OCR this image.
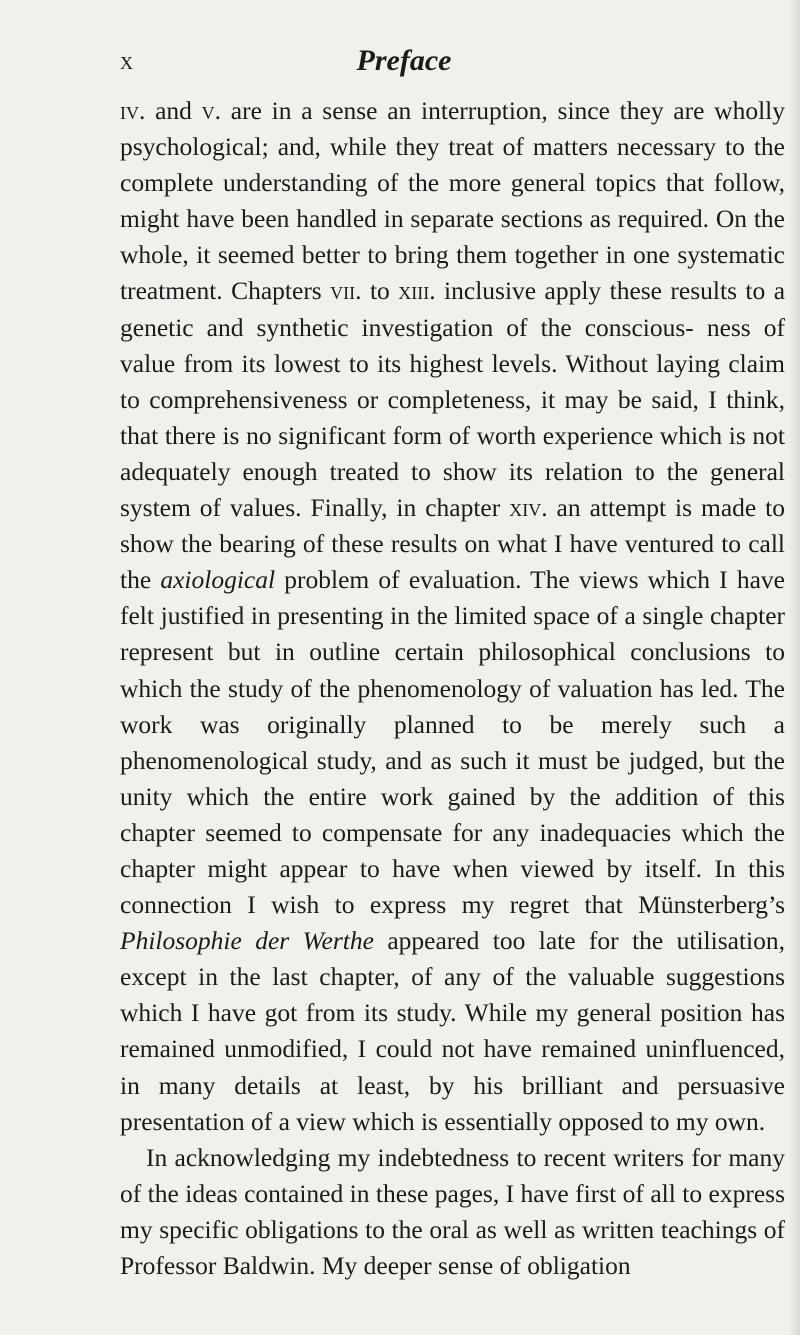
x	Preface

iv. and v. are in a sense an interruption, since they are wholly psychological; and, while they treat of matters necessary to the complete understanding of the more general topics that follow, might have been handled in separate sections as required. On the whole, it seemed better to bring them together in one systematic treatment. Chapters vii. to xiii. inclusive apply these results to a genetic and synthetic investigation of the conscious- ness of value from its lowest to its highest levels. Without laying claim to comprehensiveness or completeness, it may be said, I think, that there is no significant form of worth experience which is not adequately enough treated to show its relation to the general system of values. Finally, in chapter xiv. an attempt is made to show the bearing of these results on what I have ventured to call the axiological problem of evaluation. The views which I have felt justified in presenting in the limited space of a single chapter represent but in outline certain philosophical conclusions to which the study of the phenomenology of valuation has led. The work was originally planned to be merely such a phenomenological study, and as such it must be judged, but the unity which the entire work gained by the addition of this chapter seemed to compensate for any inadequacies which the chapter might appear to have when viewed by itself. In this connection I wish to express my regret that Münsterberg’s Philosophie der Werthe appeared too late for the utilisation, except in the last chapter, of any of the valuable suggestions which I have got from its study. While my general position has remained unmodified, I could not have remained uninfluenced, in many details at least, by his brilliant and persuasive presentation of a view which is essentially opposed to my own.

In acknowledging my indebtedness to recent writers for many of the ideas contained in these pages, I have first of all to express my specific obligations to the oral as well as written teachings of Professor Baldwin. My deeper sense of obligation
